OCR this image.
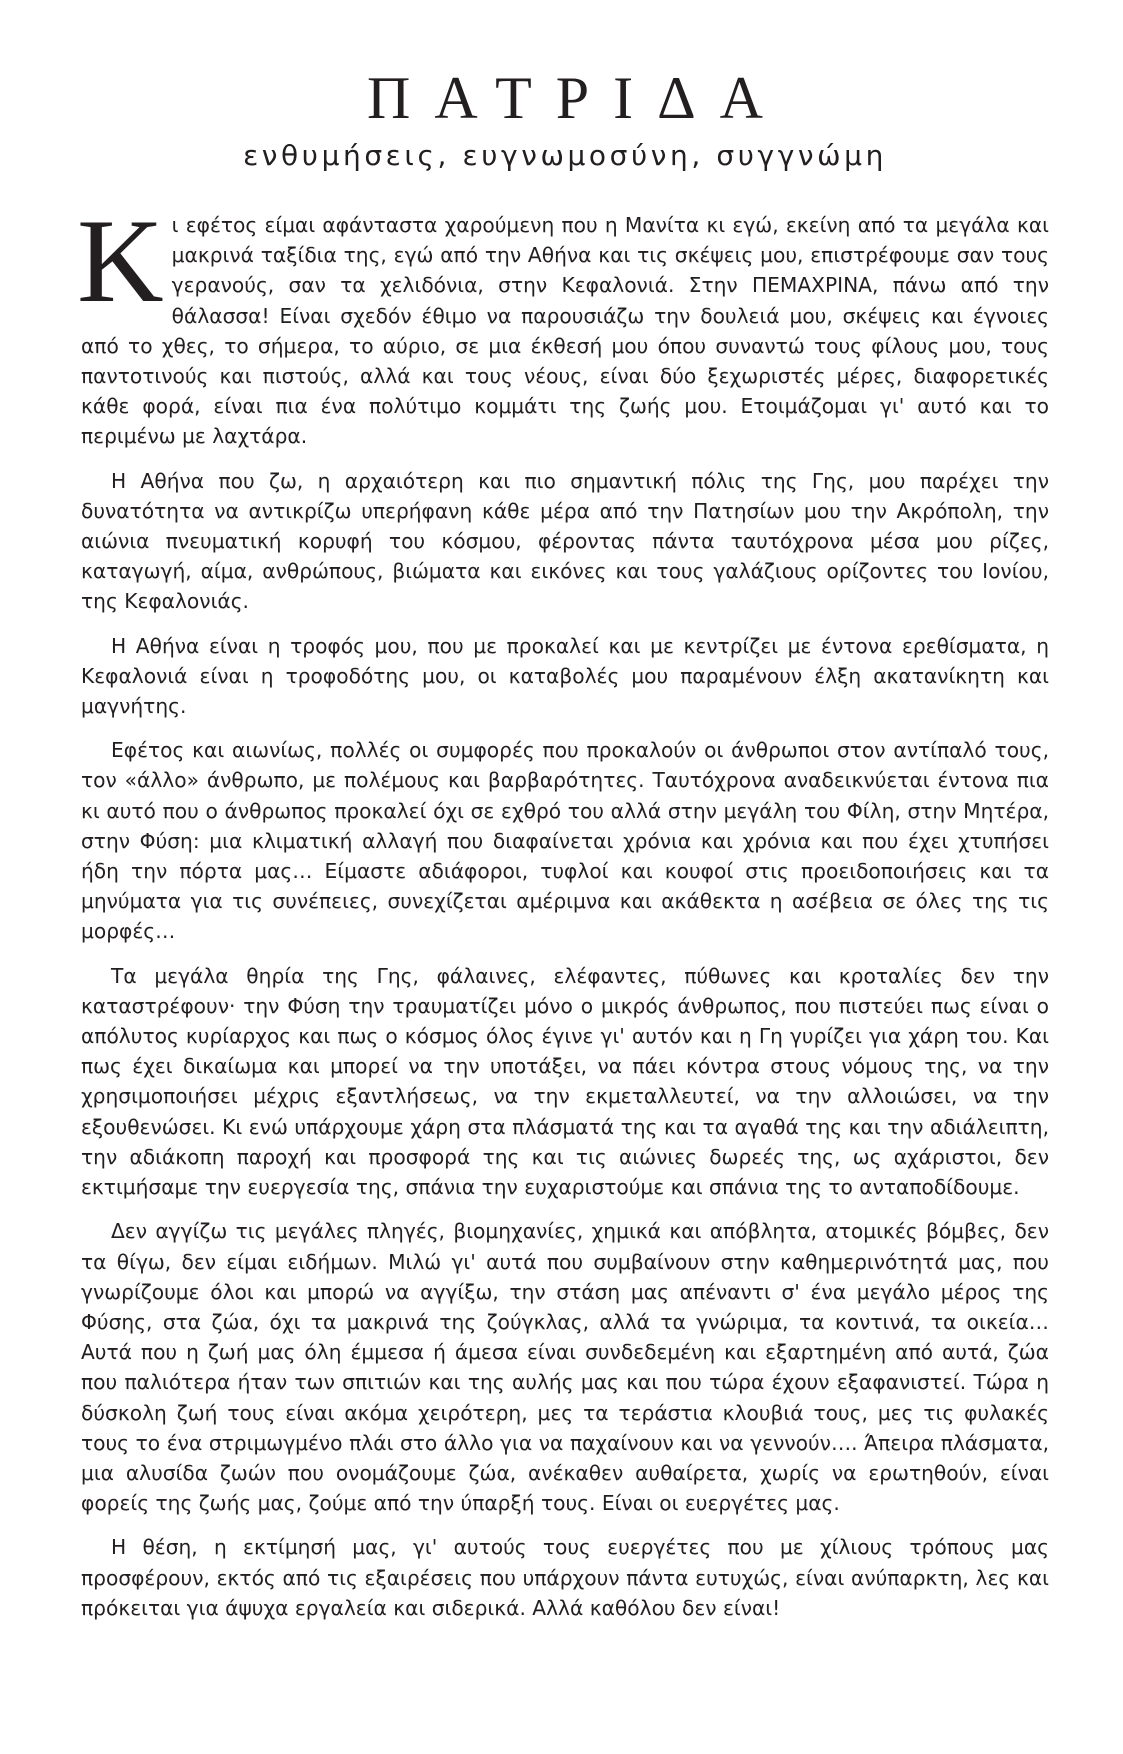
ΠΑΤΡΙΔΑ
ενθυμήσεις, ευγνωμοσύνη, συγγνώμη

Κι εφέτος είμαι αφάνταστα χαρούμενη που η Μανίτα κι εγώ, εκείνη από τα μεγάλα και μακρινά ταξίδια της, εγώ από την Αθήνα και τις σκέψεις μου, επιστρέφουμε σαν τους γερανούς, σαν τα χελιδόνια, στην Κεφαλονιά. Στην ΠΕΜΑΧΡΙΝΑ, πάνω από την θάλασσα! Είναι σχεδόν έθιμο να παρουσιάζω την δουλειά μου, σκέψεις και έγνοιες από το χθες, το σήμερα, το αύριο, σε μια έκθεσή μου όπου συναντώ τους φίλους μου, τους παντοτινούς και πιστούς, αλλά και τους νέους, είναι δύο ξεχωριστές μέρες, διαφορετικές κάθε φορά, είναι πια ένα πολύτιμο κομμάτι της ζωής μου. Ετοιμάζομαι γι' αυτό και το περιμένω με λαχτάρα.

Η Αθήνα που ζω, η αρχαιότερη και πιο σημαντική πόλις της Γης, μου παρέχει την δυνατότητα να αντικρίζω υπερήφανη κάθε μέρα από την Πατησίων μου την Ακρόπολη, την αιώνια πνευματική κορυφή του κόσμου, φέροντας πάντα ταυτόχρονα μέσα μου ρίζες, καταγωγή, αίμα, ανθρώπους, βιώματα και εικόνες και τους γαλάζιους ορίζοντες του Ιονίου, της Κεφαλονιάς.

Η Αθήνα είναι η τροφός μου, που με προκαλεί και με κεντρίζει με έντονα ερεθίσματα, η Κεφαλονιά είναι η τροφοδότης μου, οι καταβολές μου παραμένουν έλξη ακατανίκητη και μαγνήτης.

Εφέτος και αιωνίως, πολλές οι συμφορές που προκαλούν οι άνθρωποι στον αντίπαλό τους, τον «άλλο» άνθρωπο, με πολέμους και βαρβαρότητες. Ταυτόχρονα αναδεικνύεται έντονα πια κι αυτό που ο άνθρωπος προκαλεί όχι σε εχθρό του αλλά στην μεγάλη του Φίλη, στην Μητέρα, στην Φύση: μια κλιματική αλλαγή που διαφαίνεται χρόνια και χρόνια και που έχει χτυπήσει ήδη την πόρτα μας… Είμαστε αδιάφοροι, τυφλοί και κουφοί στις προειδοποιήσεις και τα μηνύματα για τις συνέπειες, συνεχίζεται αμέριμνα και ακάθεκτα η ασέβεια σε όλες της τις μορφές…

Τα μεγάλα θηρία της Γης, φάλαινες, ελέφαντες, πύθωνες και κροταλίες δεν την καταστρέφουν· την Φύση την τραυματίζει μόνο ο μικρός άνθρωπος, που πιστεύει πως είναι ο απόλυτος κυρίαρχος και πως ο κόσμος όλος έγινε γι' αυτόν και η Γη γυρίζει για χάρη του. Και πως έχει δικαίωμα και μπορεί να την υποτάξει, να πάει κόντρα στους νόμους της, να την χρησιμοποιήσει μέχρις εξαντλήσεως, να την εκμεταλλευτεί, να την αλλοιώσει, να την εξουθενώσει. Κι ενώ υπάρχουμε χάρη στα πλάσματά της και τα αγαθά της και την αδιάλειπτη, την αδιάκοπη παροχή και προσφορά της και τις αιώνιες δωρεές της, ως αχάριστοι, δεν εκτιμήσαμε την ευεργεσία της, σπάνια την ευχαριστούμε και σπάνια της το ανταποδίδουμε.

Δεν αγγίζω τις μεγάλες πληγές, βιομηχανίες, χημικά και απόβλητα, ατομικές βόμβες, δεν τα θίγω, δεν είμαι ειδήμων. Μιλώ γι' αυτά που συμβαίνουν στην καθημερινότητά μας, που γνωρίζουμε όλοι και μπορώ να αγγίξω, την στάση μας απέναντι σ' ένα μεγάλο μέρος της Φύσης, στα ζώα, όχι τα μακρινά της ζούγκλας, αλλά τα γνώριμα, τα κοντινά, τα οικεία… Αυτά που η ζωή μας όλη έμμεσα ή άμεσα είναι συνδεδεμένη και εξαρτημένη από αυτά, ζώα που παλιότερα ήταν των σπιτιών και της αυλής μας και που τώρα έχουν εξαφανιστεί. Τώρα η δύσκολη ζωή τους είναι ακόμα χειρότερη, μες τα τεράστια κλουβιά τους, μες τις φυλακές τους το ένα στριμωγμένο πλάι στο άλλο για να παχαίνουν και να γεννούν…. Άπειρα πλάσματα, μια αλυσίδα ζωών που ονομάζουμε ζώα, ανέκαθεν αυθαίρετα, χωρίς να ερωτηθούν, είναι φορείς της ζωής μας, ζούμε από την ύπαρξή τους. Είναι οι ευεργέτες μας.

Η θέση, η εκτίμησή μας, γι' αυτούς τους ευεργέτες που με χίλιους τρόπους μας προσφέρουν, εκτός από τις εξαιρέσεις που υπάρχουν πάντα ευτυχώς, είναι ανύπαρκτη, λες και πρόκειται για άψυχα εργαλεία και σιδερικά. Αλλά καθόλου δεν είναι!
